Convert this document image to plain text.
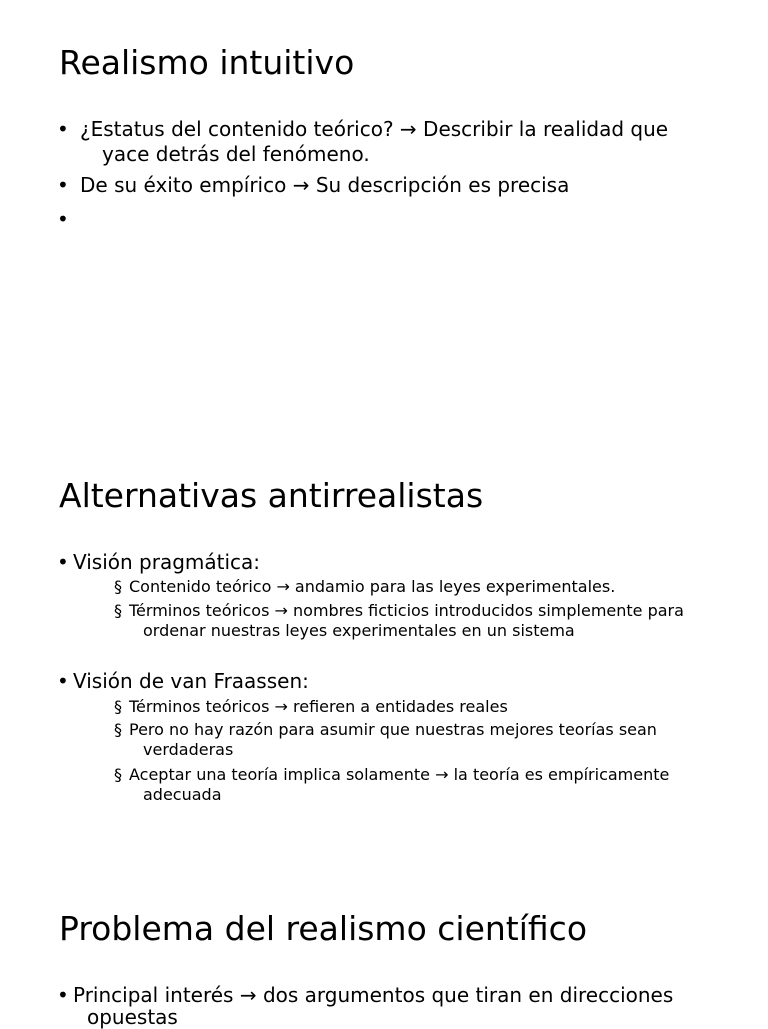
Realismo intuitivo
• ¿Estatus del contenido teórico? → Describir la realidad que yace detrás del fenómeno.
• De su éxito empírico → Su descripción es precisa
•
Alternativas antirrealistas
• Visión pragmática:
§ Contenido teórico → andamio para las leyes experimentales.
§ Términos teóricos → nombres ficticios introducidos simplemente para ordenar nuestras leyes experimentales en un sistema
• Visión de van Fraassen:
§ Términos teóricos → refieren a entidades reales
§ Pero no hay razón para asumir que nuestras mejores teorías sean verdaderas
§ Aceptar una teoría implica solamente → la teoría es empíricamente adecuada
Problema del realismo científico
• Principal interés → dos argumentos que tiran en direcciones opuestas
